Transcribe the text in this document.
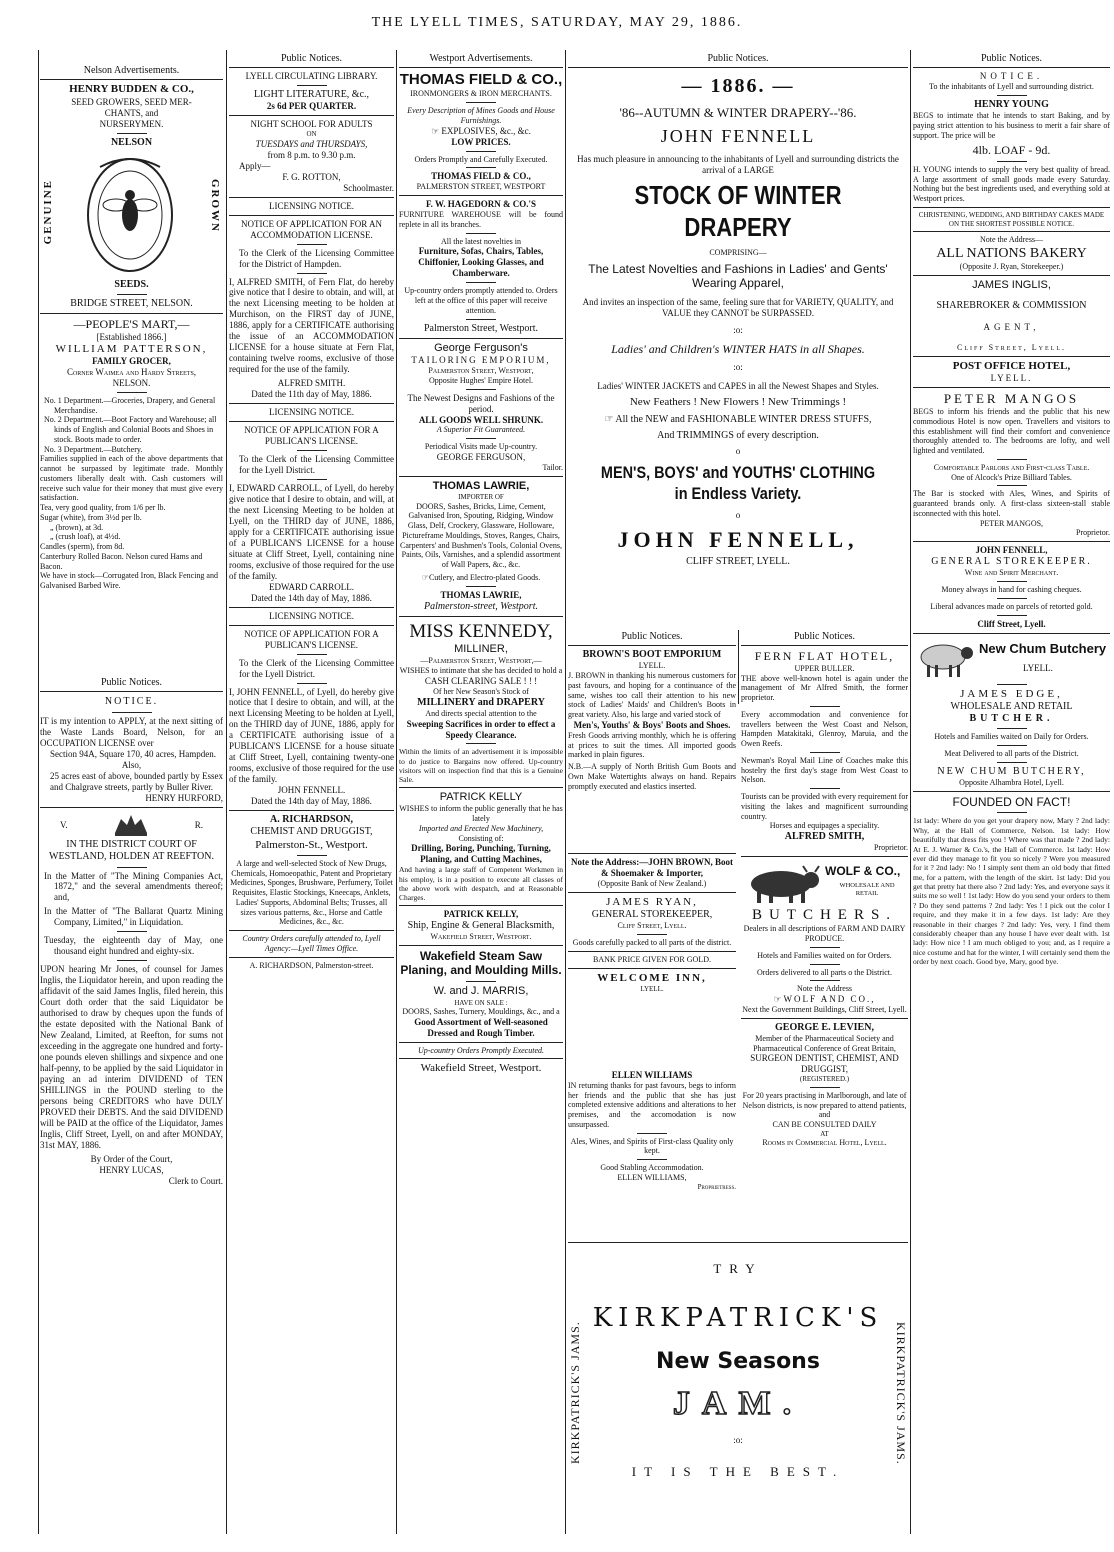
THE LYELL TIMES, SATURDAY, MAY 29, 1886.
Nelson Advertisements.
HENRY BUDDEN & CO.,
SEED GROWERS, SEED MER-
CHANTS, and
NURSERYMEN.
NELSON
GENUINE	GROWN
SEEDS.
BRIDGE STREET, NELSON.
—PEOPLE'S MART,—
[Established 1866.]
WILLIAM PATTERSON,
FAMILY GROCER,
Corner Waimea and Hardy Streets,
NELSON.
No. 1 Department.—Groceries, Drapery, and General Merchandise.
No. 2 Department.—Boot Factory and Warehouse; all kinds of English and Colonial Boots and Shoes in stock. Boots made to order.
No. 3 Department.—Butchery.
Families supplied in each of the above departments that cannot be surpassed by legitimate trade. Monthly customers liberally dealt with. Cash customers will receive such value for their money that must give every satisfaction.
Tea, very good quality, from 1/6 per lb.
Sugar (white), from 3½d per lb.
„ (brown), at 3d.
„ (crush loaf), at 4½d.
Candles (sperm), from 8d.
Canterbury Rolled Bacon. Nelson cured Hams and Bacon.
We have in stock—Corrugated Iron, Black Fencing and Galvanised Barbed Wire.
Public Notices.
NOTICE.
IT is my intention to APPLY, at the next sitting of the Waste Lands Board, Nelson, for an OCCUPATION LICENSE over
Section 94A, Square 170, 40 acres, Hampden.
Also,
25 acres east of above, bounded partly by Essex and Chalgrave streets, partly by Buller River.
HENRY HURFORD,
V.	R.
IN THE DISTRICT COURT OF WESTLAND, HOLDEN AT REEFTON.
In the Matter of "The Mining Companies Act, 1872," and the several amendments thereof; and,
In the Matter of "The Ballarat Quartz Mining Company, Limited," in Liquidation.
Tuesday, the eighteenth day of May, one thousand eight hundred and eighty-six.
UPON hearing Mr Jones, of counsel for James Inglis, the Liquidator herein, and upon reading the affidavit of the said James Inglis, filed herein, this Court doth order that the said Liquidator be authorised to draw by cheques upon the funds of the estate deposited with the National Bank of New Zealand, Limited, at Reefton, for sums not exceeding in the aggregate one hundred and forty-one pounds eleven shillings and sixpence and one half-penny, to be applied by the said Liquidator in paying an ad interim DIVIDEND of TEN SHILLINGS in the POUND sterling to the persons being CREDITORS who have DULY PROVED their DEBTS. And the said DIVIDEND will be PAID at the office of the Liquidator, James Inglis, Cliff Street, Lyell, on and after MONDAY, 31st MAY, 1886.
By Order of the Court,
HENRY LUCAS,
Clerk to Court.
Public Notices.
LYELL CIRCULATING LIBRARY.
LIGHT LITERATURE, &c.,
2s 6d PER QUARTER.
NIGHT SCHOOL FOR ADULTS
ON
TUESDAYS and THURSDAYS,
from 8 p.m. to 9.30 p.m.
Apply—
F. G. ROTTON,
Schoolmaster.
LICENSING NOTICE.
NOTICE OF APPLICATION FOR AN ACCOMMODATION LICENSE.
To the Clerk of the Licensing Committee for the District of Hampden.
I, ALFRED SMITH, of Fern Flat, do hereby give notice that I desire to obtain, and will, at the next Licensing meeting to be holden at Murchison, on the FIRST day of JUNE, 1886, apply for a CERTIFICATE authorising the issue of an ACCOMMODATION LICENSE for a house situate at Fern Flat, containing twelve rooms, exclusive of those required for the use of the family.
ALFRED SMITH.
Dated the 11th day of May, 1886.
LICENSING NOTICE.
NOTICE OF APPLICATION FOR A PUBLICAN'S LICENSE.
To the Clerk of the Licensing Committee for the Lyell District.
I, EDWARD CARROLL, of Lyell, do hereby give notice that I desire to obtain, and will, at the next Licensing Meeting to be holden at Lyell, on the THIRD day of JUNE, 1886, apply for a CERTIFICATE authorising issue of a PUBLICAN'S LICENSE for a house situate at Cliff Street, Lyell, containing nine rooms, exclusive of those required for the use of the family.
EDWARD CARROLL.
Dated the 14th day of May, 1886.
LICENSING NOTICE.
NOTICE OF APPLICATION FOR A PUBLICAN'S LICENSE.
To the Clerk of the Licensing Committee for the Lyell District.
I, JOHN FENNELL, of Lyell, do hereby give notice that I desire to obtain, and will, at the next Licensing Meeting to be holden at Lyell, on the THIRD day of JUNE, 1886, apply for a CERTIFICATE authorising issue of a PUBLICAN'S LICENSE for a house situate at Cliff Street, Lyell, containing twenty-one rooms, exclusive of those required for the use of the family.
JOHN FENNELL.
Dated the 14th day of May, 1886.
A. RICHARDSON,
CHEMIST AND DRUGGIST,
Palmerston-St., Westport.
A large and well-selected Stock of New Drugs, Chemicals, Homoeopathic, Patent and Proprietary Medicines, Sponges, Brushware, Perfumery, Toilet Requisites, Elastic Stockings, Kneecaps, Anklets, Ladies' Supports, Abdominal Belts; Trusses, all sizes various patterns, &c., Horse and Cattle Medicines, &c., &c.
Country Orders carefully attended to, Lyell Agency:—Lyell Times Office.
A. RICHARDSON, Palmerston-street.
Westport Advertisements.
THOMAS FIELD & CO.,
IRONMONGERS & IRON MERCHANTS.
Every Description of Mines Goods and House Furnishings.
☞ EXPLOSIVES, &c., &c.
LOW PRICES.
Orders Promptly and Carefully Executed.
THOMAS FIELD & CO.,
PALMERSTON STREET, WESTPORT
F. W. HAGEDORN & CO.'S
FURNITURE WAREHOUSE will be found replete in all its branches.
All the latest novelties in
Furniture, Sofas, Chairs, Tables, Chiffonier, Looking Glasses, and Chamberware.
Up-country orders promptly attended to. Orders left at the office of this paper will receive attention.
Palmerston Street, Westport.
George Ferguson's
TAILORING EMPORIUM,
Palmerston Street, Westport,
Opposite Hughes' Empire Hotel.
The Newest Designs and Fashions of the period.
ALL GOODS WELL SHRUNK.
A Superior Fit Guaranteed.
Periodical Visits made Up-country.
GEORGE FERGUSON,
Tailor.
THOMAS LAWRIE,
IMPORTER OF
DOORS, Sashes, Bricks, Lime, Cement, Galvanised Iron, Spouting, Ridging, Window Glass, Delf, Crockery, Glassware, Holloware, Pictureframe Mouldings, Stoves, Ranges, Chairs, Carpenters' and Bushmen's Tools, Colonial Ovens, Paints, Oils, Varnishes, and a splendid assortment of Wall Papers, &c., &c.
☞Cutlery, and Electro-plated Goods.
THOMAS LAWRIE,
Palmerston-street, Westport.
MISS KENNEDY,
MILLINER,
—Palmerston Street, Westport,—
WISHES to intimate that she has decided to hold a
CASH CLEARING SALE ! ! !
Of her New Season's Stock of
MILLINERY and DRAPERY
And directs special attention to the
Sweeping Sacrifices in order to effect a Speedy Clearance.
Within the limits of an advertisement it is impossible to do justice to Bargains now offered. Up-country visitors will on inspection find that this is a Genuine Sale.
PATRICK KELLY
WISHES to inform the public generally that he has lately
Imported and Erected New Machinery,
Consisting of:
Drilling, Boring, Punching, Turning, Planing, and Cutting Machines,
And having a large staff of Competent Workmen in his employ, is in a position to execute all classes of the above work with despatch, and at Reasonable Charges.
PATRICK KELLY,
Ship, Engine & General Blacksmith,
Wakefield Street, Westport.
Wakefield Steam Saw Planing, and Moulding Mills.
W. and J. MARRIS,
HAVE ON SALE :
DOORS, Sashes, Turnery, Mouldings, &c., and a
Good Assortment of Well-seasoned Dressed and Rough Timber.
Up-country Orders Promptly Executed.
Wakefield Street, Westport.
Public Notices.
— 1886. —
'86--AUTUMN & WINTER DRAPERY--'86.
JOHN FENNELL
Has much pleasure in announcing to the inhabitants of Lyell and surrounding districts the arrival of a LARGE
STOCK OF WINTER DRAPERY
COMPRISING—
The Latest Novelties and Fashions in Ladies' and Gents' Wearing Apparel,
And invites an inspection of the same, feeling sure that for VARIETY, QUALITY, and VALUE they CANNOT be SURPASSED.
:o:
Ladies' and Children's WINTER HATS in all Shapes.
:o:
Ladies' WINTER JACKETS and CAPES in all the Newest Shapes and Styles.
New Feathers ! New Flowers ! New Trimmings !
☞ All the NEW and FASHIONABLE WINTER DRESS STUFFS,
And TRIMMINGS of every description.
o
MEN'S, BOYS' and YOUTHS' CLOTHING in Endless Variety.
o
JOHN FENNELL,
CLIFF STREET, LYELL.
Public Notices.
BROWN'S BOOT EMPORIUM
LYELL.
J. BROWN in thanking his numerous customers for past favours, and hoping for a continuance of the same, wishes too call their attention to his new stock of Ladies' Maids' and Children's Boots in great variety. Also, his large and varied stock of
Men's, Youths' & Boys' Boots and Shoes.
Fresh Goods arriving monthly, which he is offering at prices to suit the times. All imported goods marked in plain figures.
N.B.—A supply of North British Gum Boots and Own Make Watertights always on hand. Repairs promptly executed and elastics inserted.
Note the Address:—JOHN BROWN, Boot & Shoemaker & Importer,
(Opposite Bank of New Zealand.)
JAMES RYAN,
GENERAL STOREKEEPER,
Cliff Street, Lyell.
Goods carefully packed to all parts of the district.
BANK PRICE GIVEN FOR GOLD.
WELCOME INN,
LYELL.
ELLEN WILLIAMS
IN returning thanks for past favours, begs to inform her friends and the public that she has just completed extensive additions and alterations to her premises, and the accomodation is now unsurpassed.
Ales, Wines, and Spirits of First-class Quality only kept.
Good Stabling Accommodation.
ELLEN WILLIAMS,
Proprietress.
Public Notices.
FERN FLAT HOTEL,
UPPER BULLER.
THE above well-known hotel is again under the management of Mr Alfred Smith, the former proprietor.
Every accommodation and convenience for travellers between the West Coast and Nelson, Hampden Matakitaki, Glenroy, Maruia, and the Owen Reefs.
Newman's Royal Mail Line of Coaches make this hostelry the first day's stage from West Coast to Nelson.
Tourists can be provided with every requirement for visiting the lakes and magnificent surrounding country.
Horses and equipages a speciality.
ALFRED SMITH,
Proprietor.
WOLF & CO.,
WHOLESALE AND RETAIL
BUTCHERS.
Dealers in all descriptions of FARM AND DAIRY PRODUCE.
Hotels and Families waited on for Orders.
Orders delivered to all parts o the District.
Note the Address
☞WOLF AND CO.,
Next the Government Buildings, Cliff Street, Lyell.
GEORGE E. LEVIEN,
Member of the Pharmaceutical Society and Pharmaceutical Conference of Great Britain,
SURGEON DENTIST, CHEMIST, AND DRUGGIST,
(REGISTERED.)
For 20 years practising in Marlborough, and late of Nelson districts, is now prepared to attend patients, and
CAN BE CONSULTED DAILY
AT
Rooms in Commercial Hotel, Lyell.
KIRKPATRICK'S JAMS.	KIRKPATRICK'S JAMS.
TRY
KIRKPATRICK'S
New Seasons
JAM.
:o:
IT IS THE BEST.
Public Notices.
NOTICE.
To the inhabitants of Lyell and surrounding district.
HENRY YOUNG
BEGS to intimate that he intends to start Baking, and by paying strict attention to his business to merit a fair share of support. The price will be
4lb. LOAF - 9d.
H. YOUNG intends to supply the very best quality of bread. A large assortment of small goods made every Saturday. Nothing but the best ingredients used, and everything sold at Westport prices.
CHRISTENING, WEDDING, AND BIRTHDAY CAKES MADE ON THE SHORTEST POSSIBLE NOTICE.
Note the Address—
ALL NATIONS BAKERY
(Opposite J. Ryan, Storekeeper.)
JAMES INGLIS,
SHAREBROKER & COMMISSION
AGENT,
Cliff Street, Lyell.
POST OFFICE HOTEL,
LYELL.
PETER MANGOS
BEGS to inform his friends and the public that his new commodious Hotel is now open. Travellers and visitors to this establishment will find their comfort and convenience thoroughly attended to. The bedrooms are lofty, and well lighted and ventilated.
Comfortable Parlors and First-class Table.
One of Alcock's Prize Billiard Tables.
The Bar is stocked with Ales, Wines, and Spirits of guaranteed brands only. A first-class sixteen-stall stable isconnected with this hotel.
PETER MANGOS,
Proprietor.
JOHN FENNELL,
GENERAL STOREKEEPER.
Wine and Spirit Merchant.
Money always in hand for cashing cheques.
Liberal advances made on parcels of retorted gold.
Cliff Street, Lyell.
New Chum Butchery
LYELL.
JAMES EDGE,
WHOLESALE AND RETAIL
BUTCHER.
Hotels and Families waited on Daily for Orders.
Meat Delivered to all parts of the District.
NEW CHUM BUTCHERY,
Opposite Alhambra Hotel, Lyell.
FOUNDED ON FACT!
1st lady: Where do you get your drapery now, Mary ? 2nd lady: Why, at the Hall of Commerce, Nelson. 1st lady: How beautifully that dress fits you ! Where was that made ? 2nd lady: At E. J. Warner & Co.'s, the Hall of Commerce. 1st lady: How ever did they manage to fit you so nicely ? Were you measured for it ? 2nd lady: No ! I simply sent them an old body that fitted me, for a pattern, with the length of the skirt. 1st lady: Did you get that pretty hat there also ? 2nd lady: Yes, and everyone says it suits me so well ! 1st lady: How do you send your orders to them ? Do they send patterns ? 2nd lady: Yes ! I pick out the color I require, and they make it in a few days. 1st lady: Are they reasonable in their charges ? 2nd lady: Yes, very. I find them considerably cheaper than any house I have ever dealt with. 1st lady: How nice ! I am much obliged to you; and, as I require a nice costume and hat for the winter, I will certainly send them the order by next coach. Good bye, Mary, good bye.
